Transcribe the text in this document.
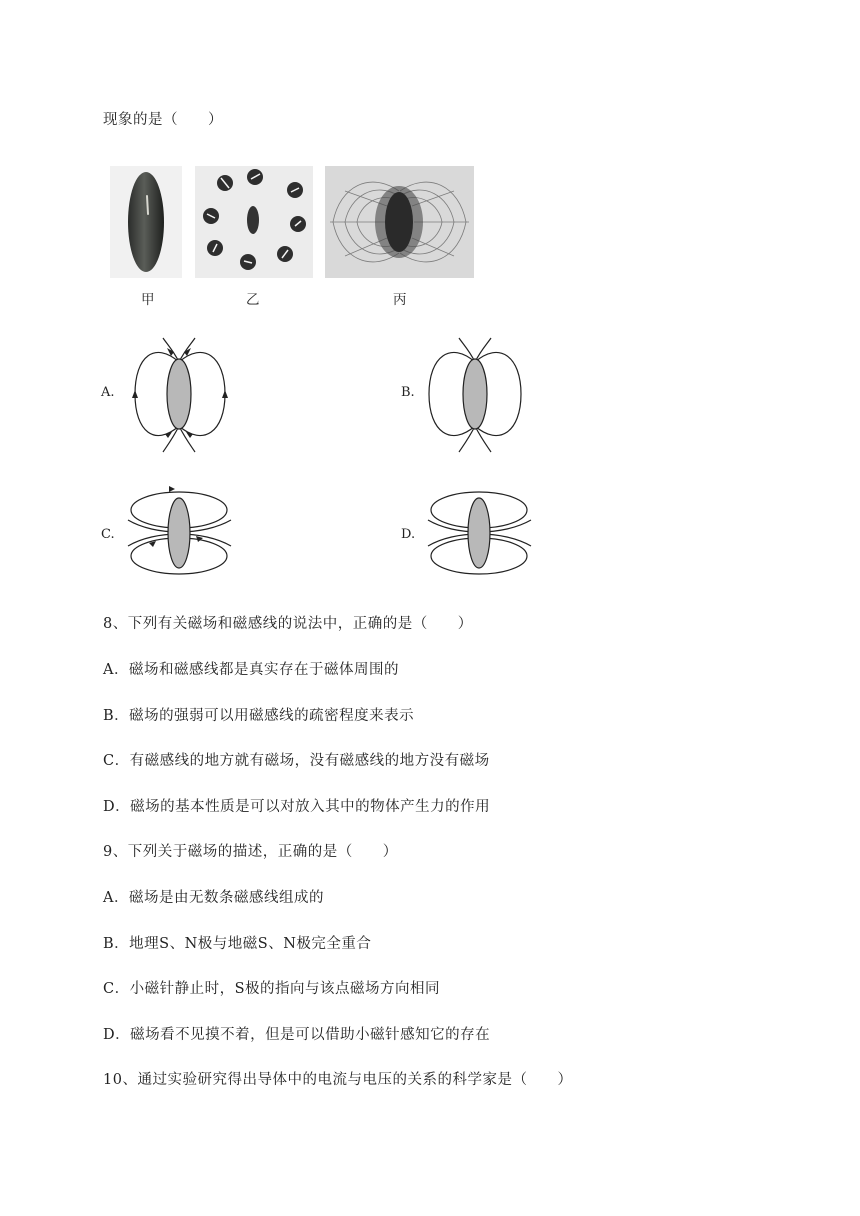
现象的是（　　）
甲	乙	丙
A.	B.
C.	D.
8、下列有关磁场和磁感线的说法中，正确的是（　　）
A．磁场和磁感线都是真实存在于磁体周围的
B．磁场的强弱可以用磁感线的疏密程度来表示
C．有磁感线的地方就有磁场，没有磁感线的地方没有磁场
D．磁场的基本性质是可以对放入其中的物体产生力的作用
9、下列关于磁场的描述，正确的是（　　）
A．磁场是由无数条磁感线组成的
B．地理S、N极与地磁S、N极完全重合
C．小磁针静止时，S极的指向与该点磁场方向相同
D．磁场看不见摸不着，但是可以借助小磁针感知它的存在
10、通过实验研究得出导体中的电流与电压的关系的科学家是（　　）
